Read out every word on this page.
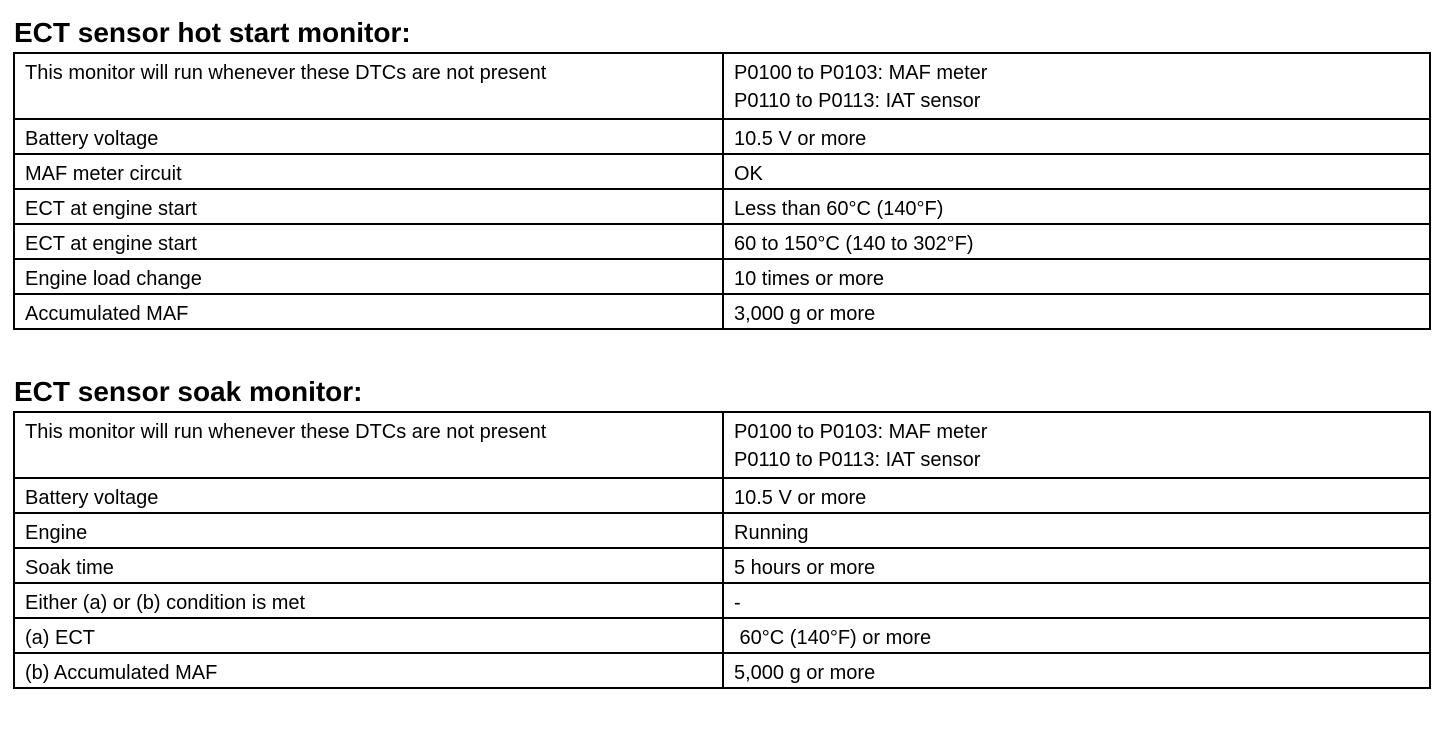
ECT sensor hot start monitor:
This monitor will run whenever these DTCs are not present	P0100 to P0103: MAF meter
P0110 to P0113: IAT sensor

Battery voltage	10.5 V or more
MAF meter circuit	OK
ECT at engine start	Less than 60°C (140°F)
ECT at engine start	60 to 150°C (140 to 302°F)
Engine load change	10 times or more
Accumulated MAF	3,000 g or more
ECT sensor soak monitor:
This monitor will run whenever these DTCs are not present	P0100 to P0103: MAF meter
P0110 to P0113: IAT sensor

Battery voltage	10.5 V or more
Engine	Running
Soak time	5 hours or more
Either (a) or (b) condition is met	-
(a) ECT	60°C (140°F) or more
(b) Accumulated MAF	5,000 g or more
